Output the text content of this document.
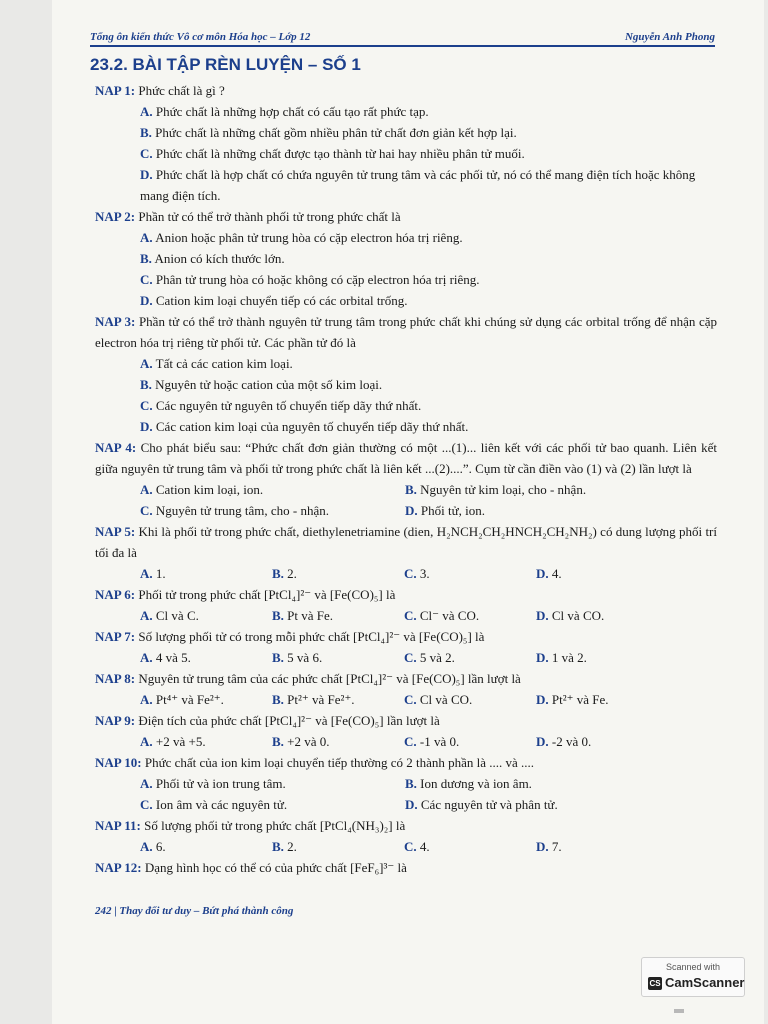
Tổng ôn kiến thức Vô cơ môn Hóa học – Lớp 12	Nguyễn Anh Phong
23.2. BÀI TẬP RÈN LUYỆN – SỐ 1

NAP 1: Phức chất là gì ?

A. Phức chất là những hợp chất có cấu tạo rất phức tạp.

B. Phức chất là những chất gồm nhiều phân tử chất đơn giản kết hợp lại.

C. Phức chất là những chất được tạo thành từ hai hay nhiều phân tử muối.

D. Phức chất là hợp chất có chứa nguyên tử trung tâm và các phối tử, nó có thể mang điện tích hoặc không mang điện tích.

NAP 2: Phần tử có thể trở thành phối tử trong phức chất là

A. Anion hoặc phân tử trung hòa có cặp electron hóa trị riêng.

B. Anion có kích thước lớn.

C. Phân tử trung hòa có hoặc không có cặp electron hóa trị riêng.

D. Cation kim loại chuyển tiếp có các orbital trống.

NAP 3: Phần tử có thể trở thành nguyên tử trung tâm trong phức chất khi chúng sử dụng các orbital trống để nhận cặp electron hóa trị riêng từ phối tử. Các phần tử đó là

A. Tất cả các cation kim loại.

B. Nguyên tử hoặc cation của một số kim loại.

C. Các nguyên tử nguyên tố chuyển tiếp dãy thứ nhất.

D. Các cation kim loại của nguyên tố chuyển tiếp dãy thứ nhất.

NAP 4: Cho phát biểu sau: “Phức chất đơn giản thường có một ...(1)... liên kết với các phối tử bao quanh. Liên kết giữa nguyên tử trung tâm và phối tử trong phức chất là liên kết ...(2)....”. Cụm từ cần điền vào (1) và (2) lần lượt là

A. Cation kim loại, ion.	B. Nguyên tử kim loại, cho - nhận.
C. Nguyên tử trung tâm, cho - nhận.	D. Phối tử, ion.

NAP 5: Khi là phối tử trong phức chất, diethylenetriamine (dien, H₂NCH₂CH₂HNCH₂CH₂NH₂) có dung lượng phối trí tối đa là

A. 1.	B. 2.	C. 3.	D. 4.

NAP 6: Phối tử trong phức chất [PtCl₄]²⁻ và [Fe(CO)₅] là

A. Cl và C.	B. Pt và Fe.	C. Cl⁻ và CO.	D. Cl và CO.

NAP 7: Số lượng phối tử có trong mỗi phức chất [PtCl₄]²⁻ và [Fe(CO)₅] là

A. 4 và 5.	B. 5 và 6.	C. 5 và 2.	D. 1 và 2.

NAP 8: Nguyên tử trung tâm của các phức chất [PtCl₄]²⁻ và [Fe(CO)₅] lần lượt là

A. Pt⁴⁺ và Fe²⁺.	B. Pt²⁺ và Fe²⁺.	C. Cl và CO.	D. Pt²⁺ và Fe.

NAP 9: Điện tích của phức chất [PtCl₄]²⁻ và [Fe(CO)₅] lần lượt là

A. +2 và +5.	B. +2 và 0.	C. -1 và 0.	D. -2 và 0.

NAP 10: Phức chất của ion kim loại chuyển tiếp thường có 2 thành phần là .... và ....

A. Phối tử và ion trung tâm.	B. Ion dương và ion âm.
C. Ion âm và các nguyên tử.	D. Các nguyên tử và phân tử.

NAP 11: Số lượng phối tử trong phức chất [PtCl₄(NH₃)₂] là

A. 6.	B. 2.	C. 4.	D. 7.

NAP 12: Dạng hình học có thể có của phức chất [FeF₆]³⁻ là

242 | Thay đổi tư duy – Bứt phá thành công
Scanned with
CS CamScanner
